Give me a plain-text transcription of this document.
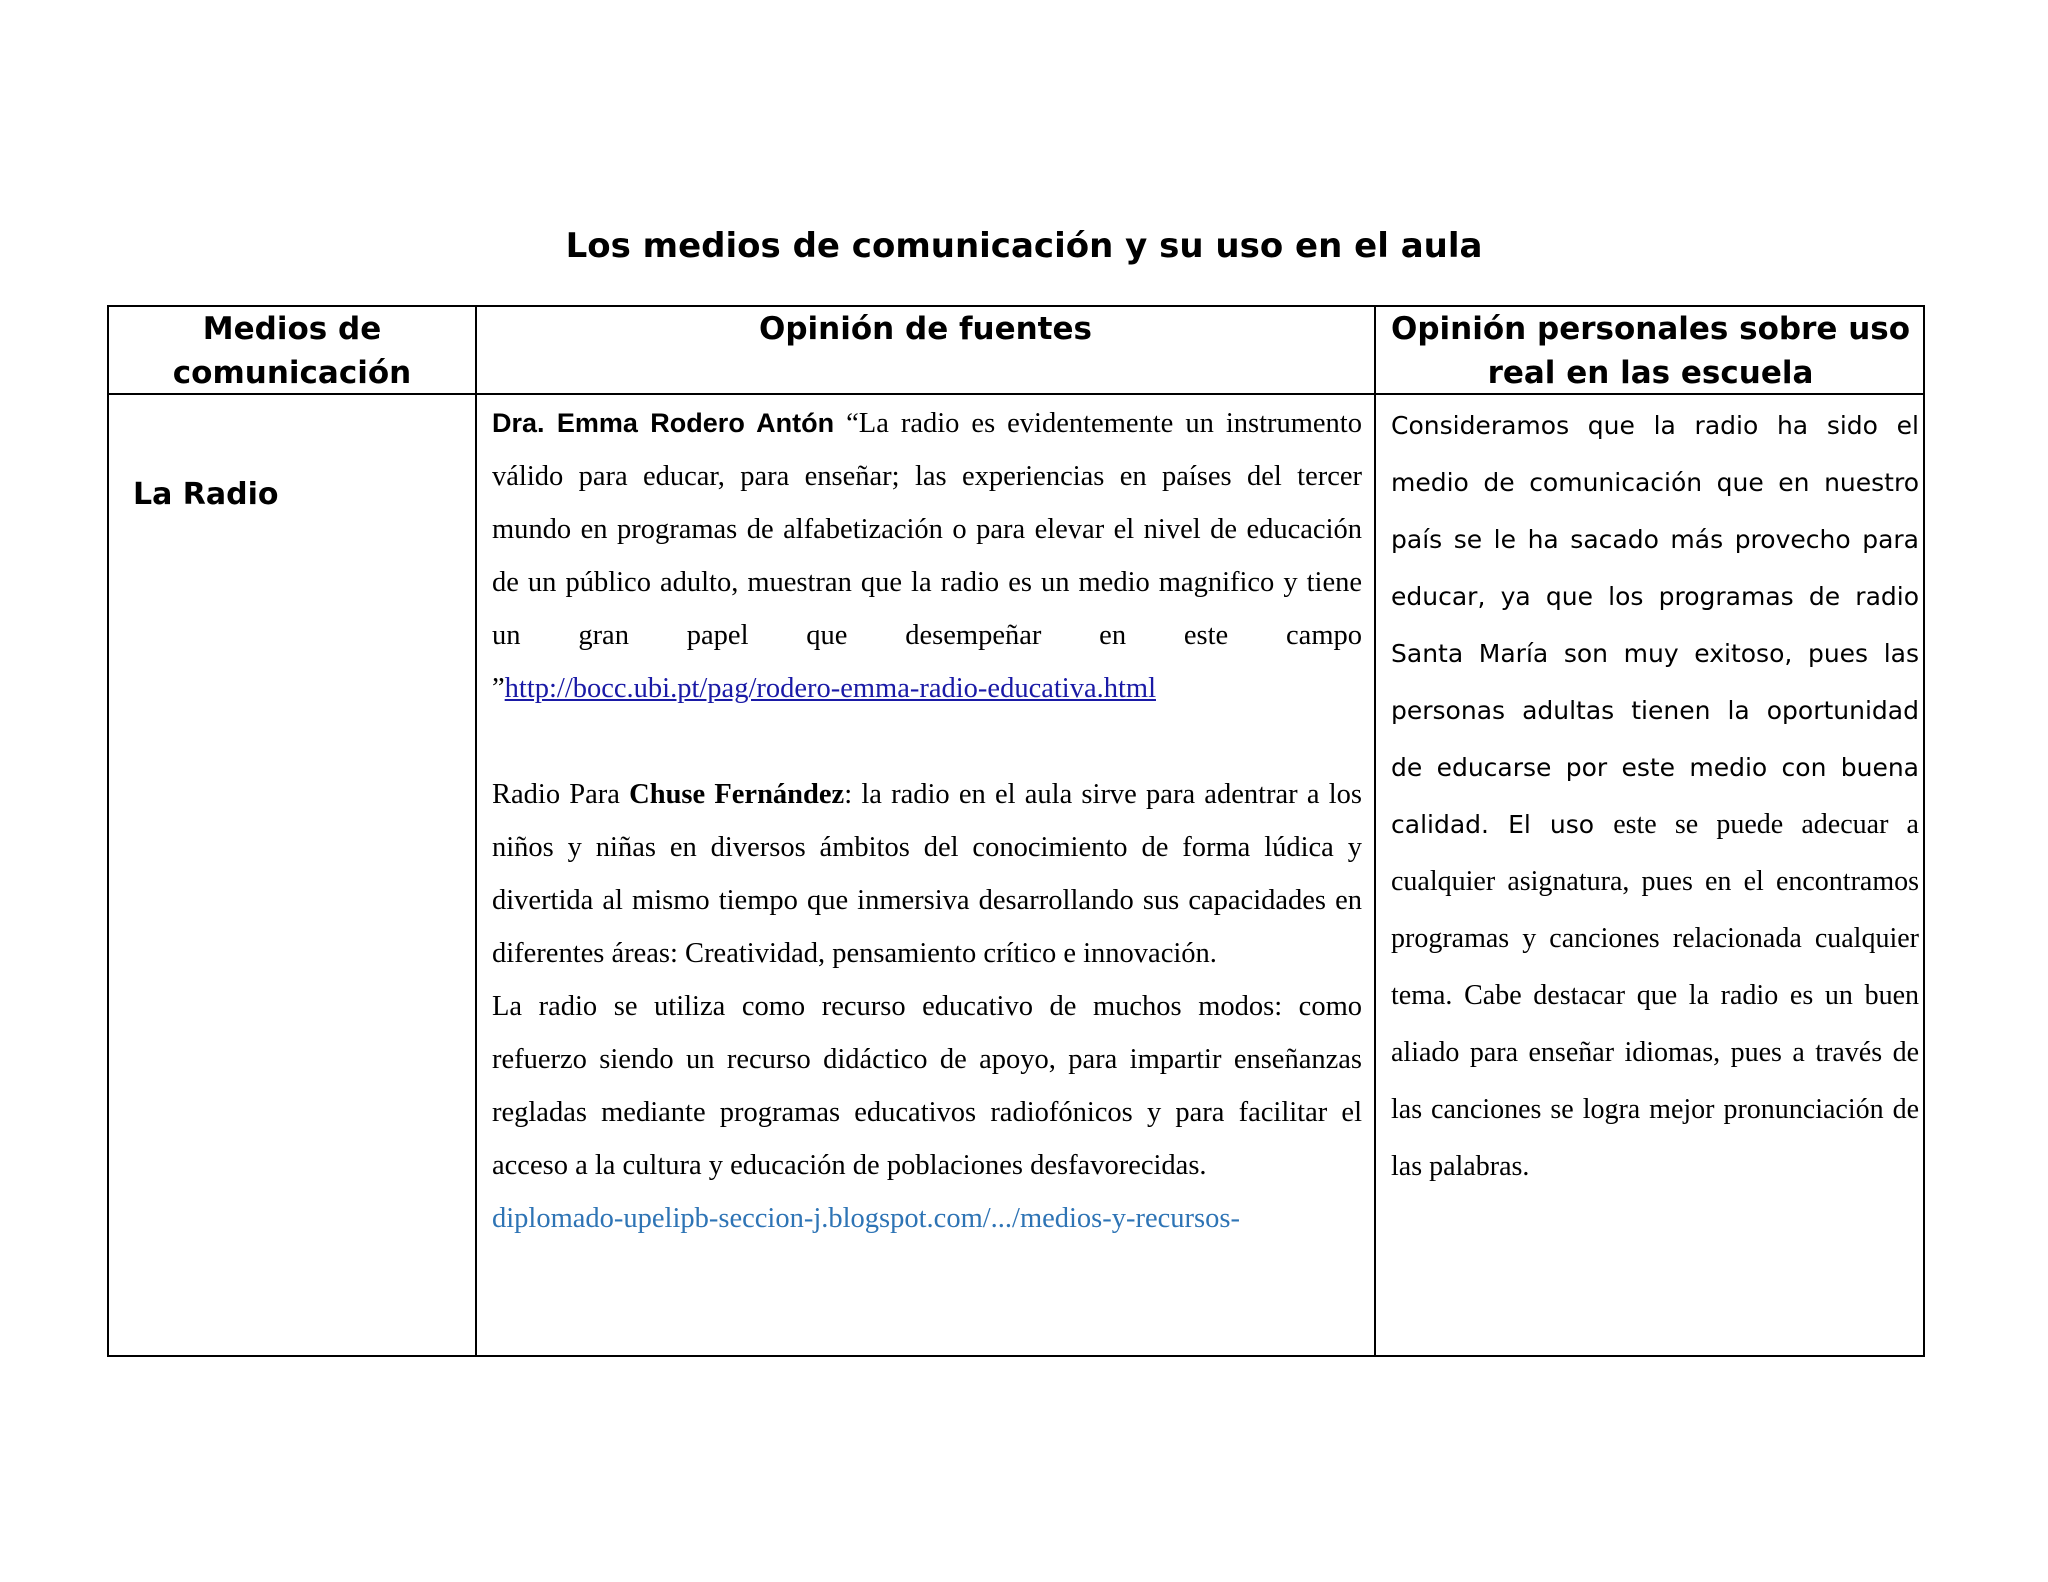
Los medios de comunicación y su uso en el aula
Medios de comunicación
Opinión de fuentes	Opinión personales sobre uso real en las escuela
La Radio

Dra. Emma Rodero Antón “La radio es evidentemente un instrumento válido para educar, para enseñar; las experiencias en países del tercer mundo en programas de alfabetización o para elevar el nivel de educación de un público adulto, muestran que la radio es un medio magnifico y tiene un gran papel que desempeñar en este campo ”http://bocc.ubi.pt/pag/rodero-emma-radio-educativa.html

Radio Para Chuse Fernández: la radio en el aula sirve para adentrar a los niños y niñas en diversos ámbitos del conocimiento de forma lúdica y divertida al mismo tiempo que inmersiva desarrollando sus capacidades en diferentes áreas: Creatividad, pensamiento crítico e innovación.

La radio se utiliza como recurso educativo de muchos modos: como refuerzo siendo un recurso didáctico de apoyo, para impartir enseñanzas regladas mediante programas educativos radiofónicos y para facilitar el acceso a la cultura y educación de poblaciones desfavorecidas.

diplomado-upelipb-seccion-j.blogspot.com/.../medios-y-recursos-

Consideramos que la radio ha sido el medio de comunicación que en nuestro país se le ha sacado más provecho para educar, ya que los programas de radio Santa María son muy exitoso, pues las personas adultas tienen la oportunidad de educarse por este medio con buena calidad. El uso este se puede adecuar a cualquier asignatura, pues en el encontramos programas y canciones relacionada cualquier tema. Cabe destacar que la radio es un buen aliado para enseñar idiomas, pues a través de las canciones se logra mejor pronunciación de las palabras.
